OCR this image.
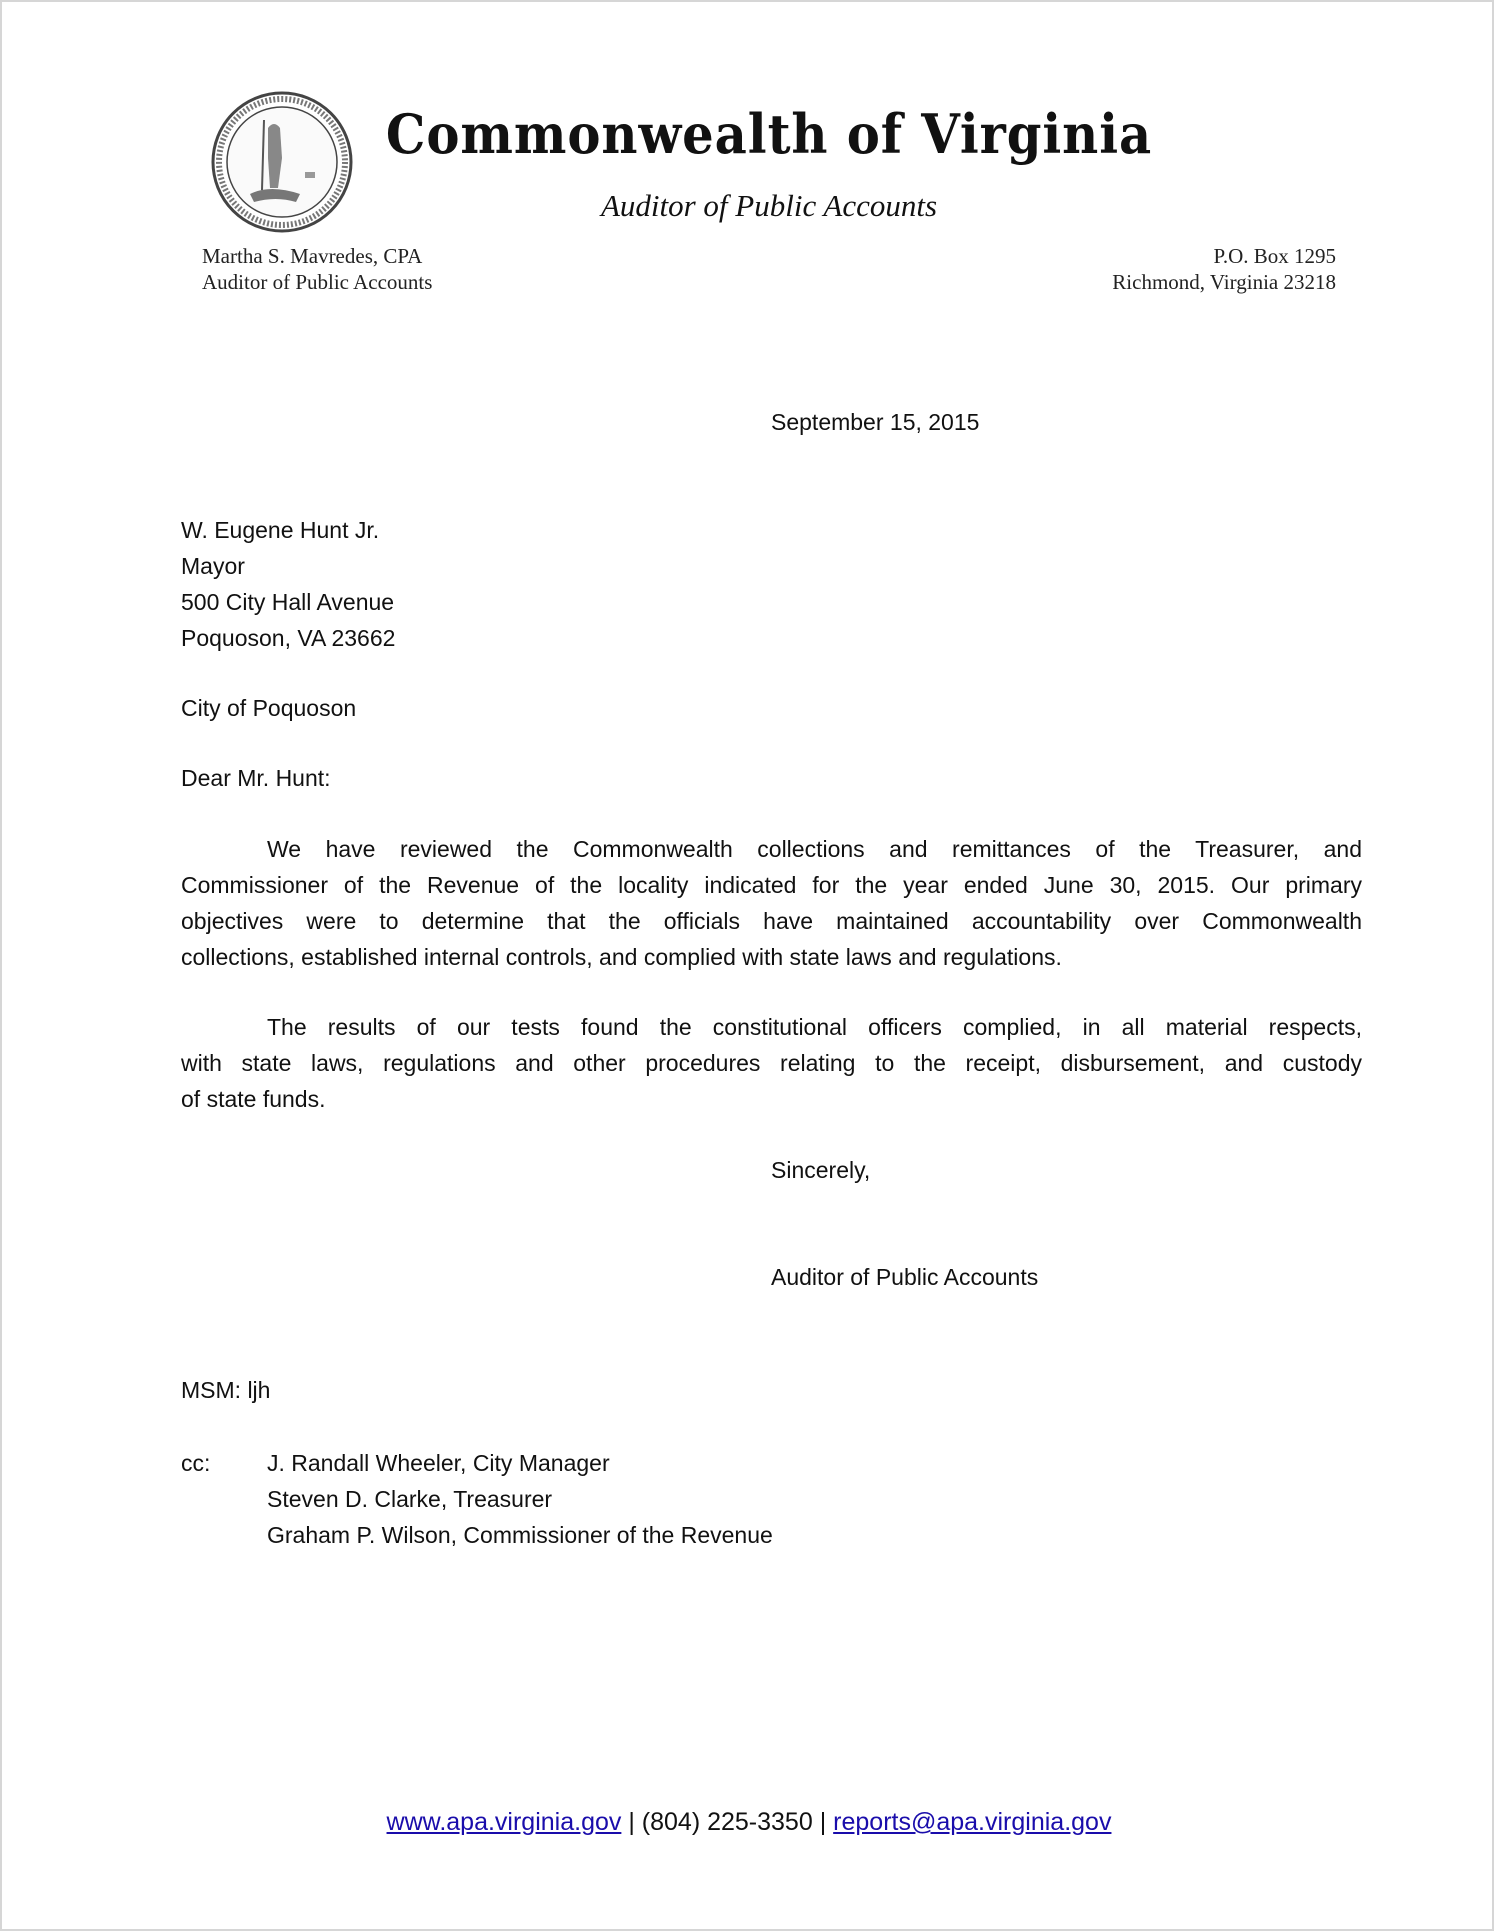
Commonwealth of Virginia
Auditor of Public Accounts
Martha S. Mavredes, CPA
Auditor of Public Accounts
P.O. Box 1295
Richmond, Virginia 23218
September 15, 2015
W. Eugene Hunt Jr.
Mayor
500 City Hall Avenue
Poquoson, VA 23662
City of Poquoson
Dear Mr. Hunt:
We have reviewed the Commonwealth collections and remittances of the Treasurer, and
Commissioner of the Revenue of the locality indicated for the year ended June 30, 2015. Our primary
objectives were to determine that the officials have maintained accountability over Commonwealth
collections, established internal controls, and complied with state laws and regulations.
The results of our tests found the constitutional officers complied, in all material respects,
with state laws, regulations and other procedures relating to the receipt, disbursement, and custody
of state funds.
Sincerely,
Auditor of Public Accounts
MSM: ljh
cc: J. Randall Wheeler, City Manager
Steven D. Clarke, Treasurer
Graham P. Wilson, Commissioner of the Revenue
www.apa.virginia.gov | (804) 225-3350 | reports@apa.virginia.gov
